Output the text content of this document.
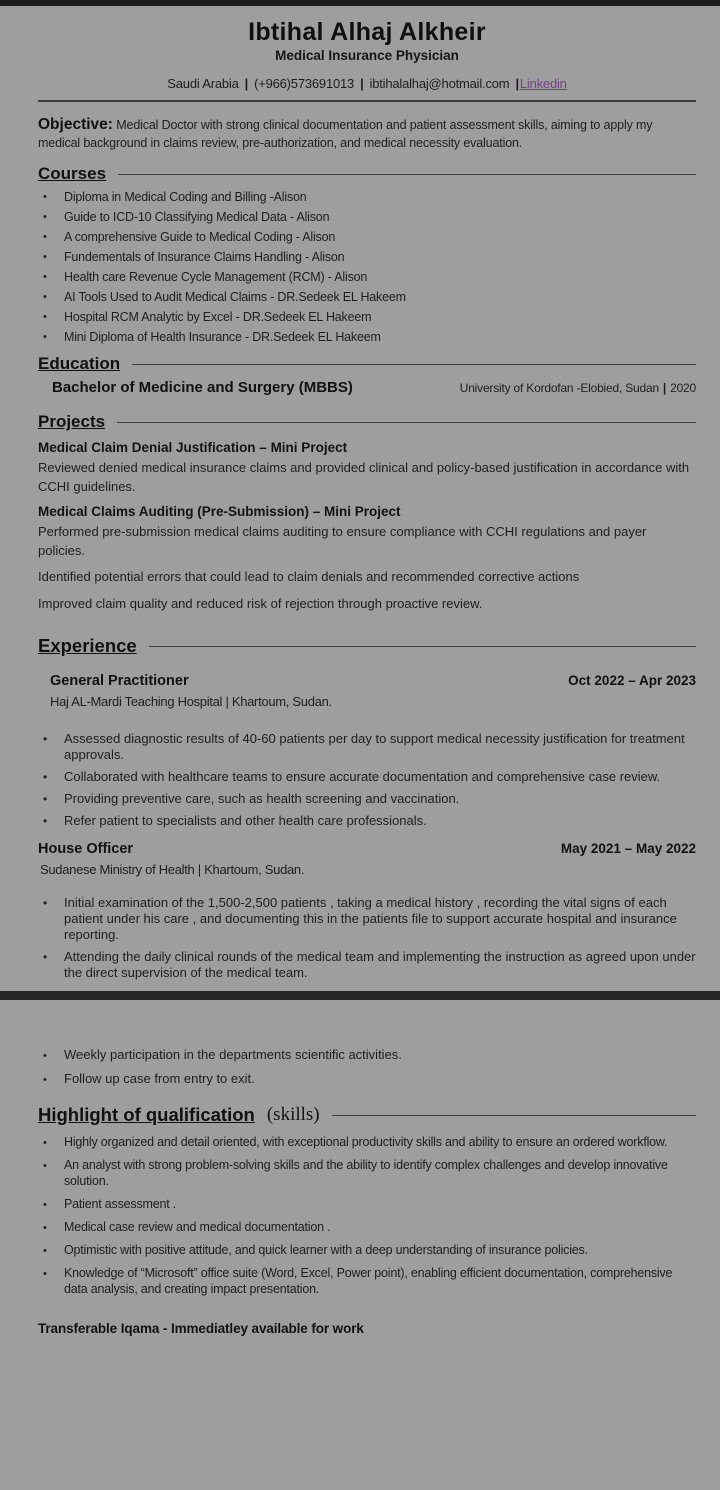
Ibtihal Alhaj Alkheir
Medical Insurance Physician
Saudi Arabia | (+966)573691013 | ibtihalalhaj@hotmail.com |Linkedin

Objective: Medical Doctor with strong clinical documentation and patient assessment skills, aiming to apply my medical background in claims review, pre-authorization, and medical necessity evaluation.

Courses
• Diploma in Medical Coding and Billing -Alison
• Guide to ICD-10 Classifying Medical Data - Alison
• A comprehensive Guide to Medical Coding - Alison
• Fundementals of Insurance Claims Handling - Alison
• Health care Revenue Cycle Management (RCM) - Alison
• AI Tools Used to Audit Medical Claims - DR.Sedeek EL Hakeem
• Hospital RCM Analytic by Excel - DR.Sedeek EL Hakeem
• Mini Diploma of Health Insurance - DR.Sedeek EL Hakeem
Education
Bachelor of Medicine and Surgery (MBBS)	University of Kordofan -Elobied, Sudan | 2020
Projects
Medical Claim Denial Justification – Mini Project
Reviewed denied medical insurance claims and provided clinical and policy-based justification in accordance with CCHI guidelines.
Medical Claims Auditing (Pre-Submission) – Mini Project
Performed pre-submission medical claims auditing to ensure compliance with CCHI regulations and payer policies.
Identified potential errors that could lead to claim denials and recommended corrective actions
Improved claim quality and reduced risk of rejection through proactive review.
Experience
General Practitioner	Oct 2022 – Apr 2023
Haj AL-Mardi Teaching Hospital | Khartoum, Sudan.
• Assessed diagnostic results of 40-60 patients per day to support medical necessity justification for treatment approvals.
• Collaborated with healthcare teams to ensure accurate documentation and comprehensive case review.
• Providing preventive care, such as health screening and vaccination.
• Refer patient to specialists and other health care professionals.
House Officer	May 2021 – May 2022
Sudanese Ministry of Health | Khartoum, Sudan.
• Initial examination of the 1,500-2,500 patients , taking a medical history , recording the vital signs of each patient under his care , and documenting this in the patients file to support accurate hospital and insurance reporting.
• Attending the daily clinical rounds of the medical team and implementing the instruction as agreed upon under the direct supervision of the medical team.
• Weekly participation in the departments scientific activities.
• Follow up case from entry to exit.
Highlight of qualification (skills)
• Highly organized and detail oriented, with exceptional productivity skills and ability to ensure an ordered workflow.
• An analyst with strong problem-solving skills and the ability to identify complex challenges and develop innovative solution.
• Patient assessment .
• Medical case review and medical documentation .
• Optimistic with positive attitude, and quick learner with a deep understanding of insurance policies.
• Knowledge of “Microsoft” office suite (Word, Excel, Power point), enabling efficient documentation, comprehensive data analysis, and creating impact presentation.
Transferable Iqama - Immediatley available for work
